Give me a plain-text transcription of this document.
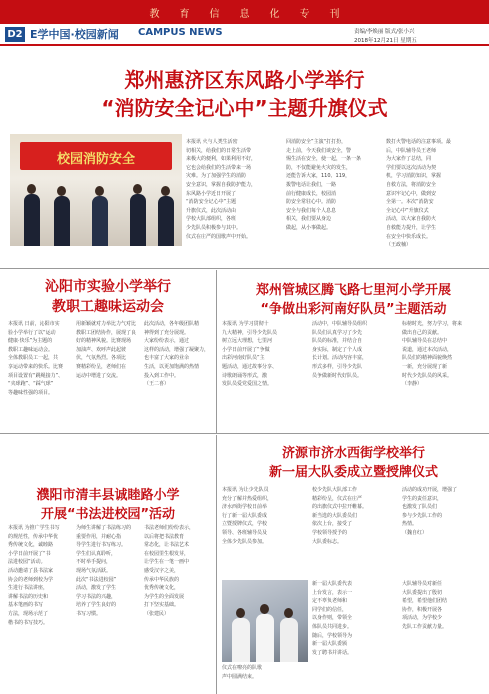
教育信息化专刊
D2 E学中国·校园新闻 CAMPUS NEWS	责编/李焕丽 版式/张小兴
2018年12月21日 星期五
郑州惠济区东风路小学举行
“消防安全记心中”主题升旗仪式
校园消防安全
本报讯 火与人类生活密
切相关，给我们的日常生活带
来极大的便利，如果利用不好，
它也会给我们的生活带来一场
灾难。为了加强学生的消防
安全意识，掌握自我防护能力，
东风路小学近日开展了
“消防安全记心中”主题
升旗仪式，此次活动由
学校大队部组织，各班
少先队员积极参与其中。
仪式在庄严的国歌声中开始。
回消防安全”主演“打打扮，
走上前，今天我们谈安全，警
惕生活在安全，使一起，一条一条
防，不仅能避免火灾的发生，
还能告诉大家，110、119，
拨警电话让我们，一路
前行健康成长，校园消
防安全常驻心中。消防
安全与我们每个人息息
相关，我们要从身边
做起，从小事做起。
数打火警电话的注意事项。最
后，中队辅导员王老师
为大家作了总结，同
学们要以这次活动为契
机，学习消防知识，掌握
自救方法，将消防安全
意识牢记心中，做到安
全第一。本次“消防安
全记心中”升旗仪式
活动，以大家自我防火
自救能力提升，让学生
在安全中快乐成长。
（王政楠）
沁阳市实验小学举行
教职工趣味运动会
本报讯 日前，沁阳市实
验小学举行了以“运动
健康·快乐”为主题的
教职工趣味运动会。
全体教职员工一起，共
享运动带来的快乐。比赛
项目设置有“跳绳接力”、
“夹球跑”、“踩气球”
等趣味性强的项目。
用新颖就对力举比力气对比
教职工团结协作，展现了良
好的精神风貌。比赛现场
加油声、欢呼声此起彼
伏，气氛热烈。各项比
赛精彩纷呈，老师们在
运动中增进了交流。
此次活动，各年级团队精
神得到了充分展现。
大家纷纷表示，通过
这样的活动，增强了凝聚力，
也丰富了大家的业余
生活，以更加饱满的热情
投入到工作中。
（王二喜）
郑州管城区腾飞路七里河小学开展
“争做出彩河南好队员”主题活动
本报讯 为学习贯彻十
九大精神，引导少先队员
树立远大理想，七里河
小学日前开展了“争做
出彩河南好队员”主
题活动，通过故事分享、
诗歌朗诵等形式，激
发队员爱党爱国之情。
活动中，中队辅导员组织
队员们认真学习了少先
队员的标准，并结合自
身实际，制定了个人成
长计划。活动内容丰富，
形式多样，引导少先队
员争做新时代好队员。
标榜时光，努力学习，将来
做出自己的贡献。
中队辅导员在总结中
说道，通过本次活动，
队员们的精神面貌焕然
一新，充分展现了新
时代少先队员的风采。
（李静）
濮阳市清丰县诚睦路小学
开展“书法进校园”活动
本报讯 为推广学生书写
的规范性，传承中华优
秀传统文化，诚睦路
小学日前开展了“书
法进校园”活动。
活动邀请了县书法家
协会的老师到校为学
生进行书法讲座，
讲解书法的历史和
基本笔画的书写
方法，现场示范了
楷书的书写技巧。
为师生讲解了书法练习的
重要作用，并耐心指
导学生进行书写练习。
学生们认真聆听，
不时举手提问，
现场气氛活跃。
此次“书法进校园”
活动，激发了学生
学习书法的兴趣，
培养了学生良好的
书写习惯。
书法老师们纷纷表示，
以后将把书法教育
常态化，让书法艺术
在校园里生根发芽，
让学生在一笔一画中
感受汉字之美，
传承中华民族的
优秀传统文化，
为学生的全面发展
打下坚实基础。
（张建民）
济源市济水西街学校举行
新一届大队委成立暨授牌仪式
本报讯 为让少先队员
充分了解并热爱组织，
济水西街学校日前举
行了新一届大队委成
立暨授牌仪式，学校
领导、各班辅导员及
全体少先队员参加。
校少先队大队部工作
精彩纷呈，仪式在庄严
的出旗仪式中拉开帷幕。
新当选的大队委员们
依次上台，接受了
学校领导授予的
大队委标志。
活动的成功开展，增强了
学生的责任意识，
也激发了队员们
参与少先队工作的
热情。
（魏自红）
新一届大队委代表
上台发言，表示一
定不辜负老师和
同学们的信任，
以身作则，带领全
体队员共同进步。
随后，学校领导为
新一届大队委颁
发了聘书并讲话。
大队辅导员对新任
大队委提出了殷切
希望，希望他们团结
协作，积极开展各
项活动，为学校少
先队工作贡献力量。
仪式在嘹亮的队歌
声中圆满结束。
